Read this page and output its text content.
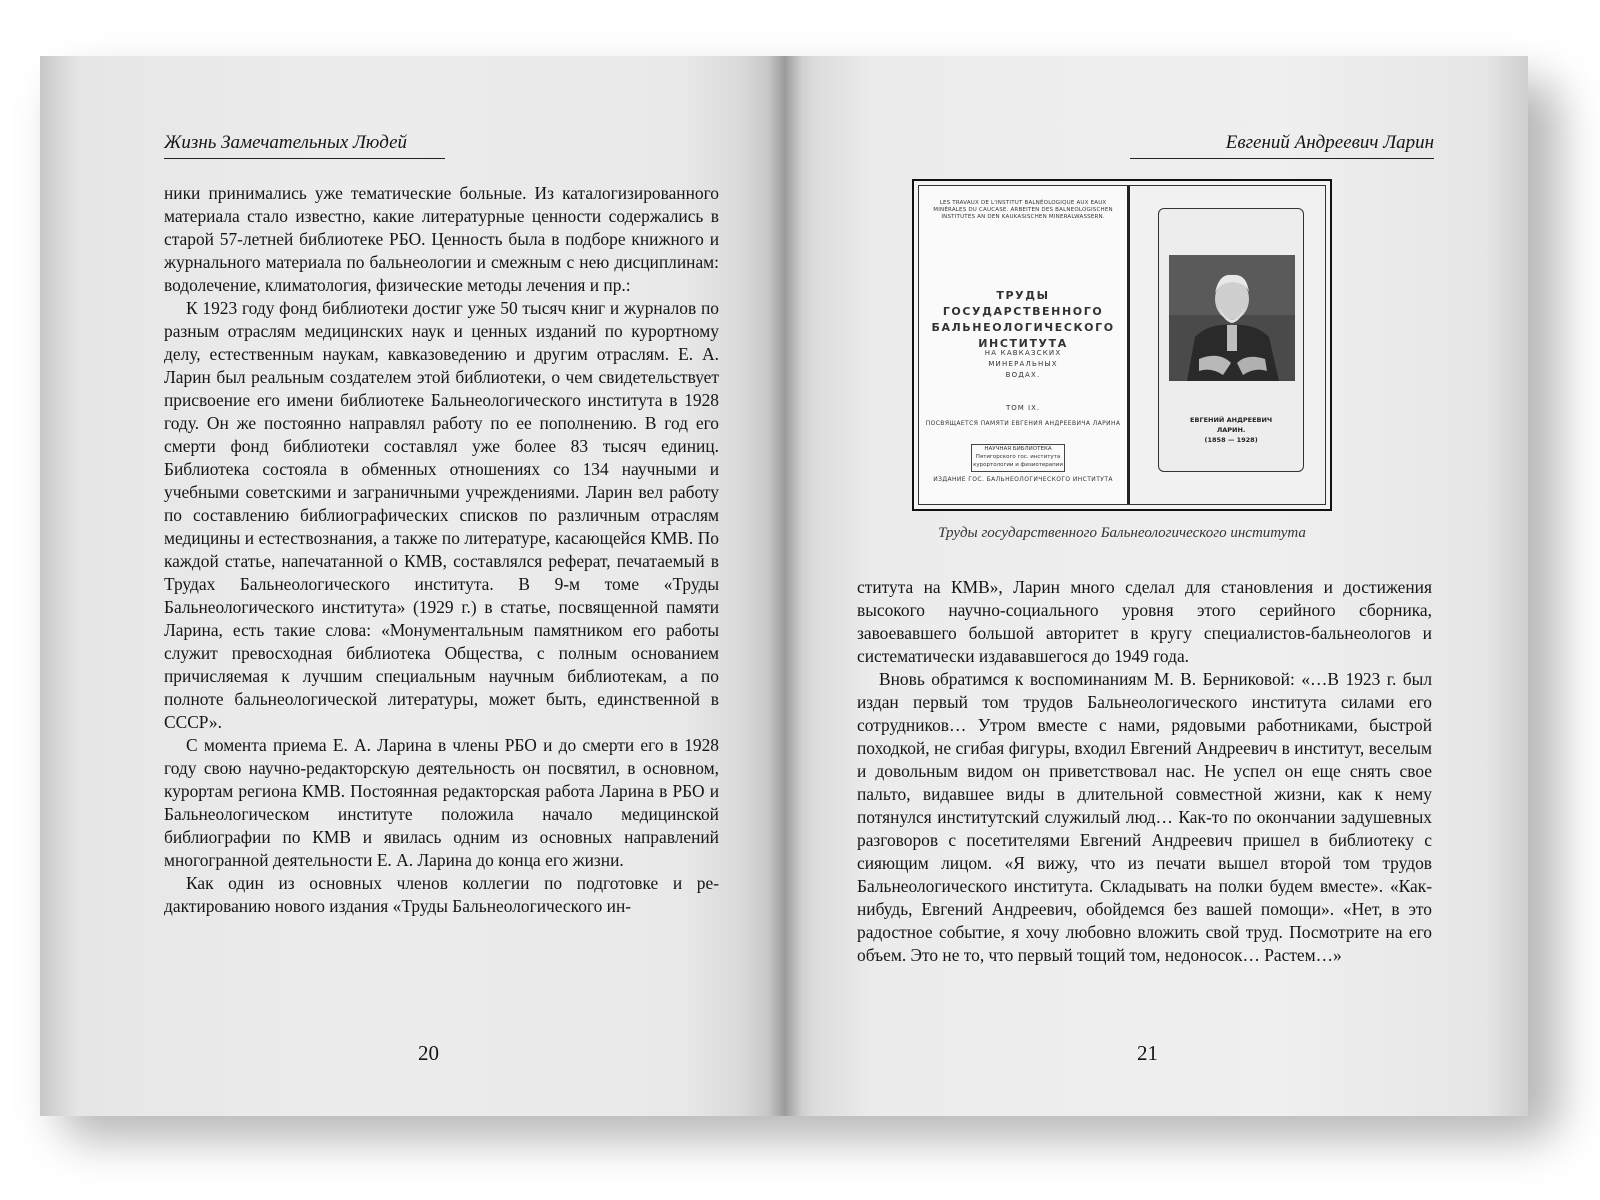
Жизнь Замечательных Людей

ники принимались уже тематические больные. Из каталогизированного материала стало известно, какие литературные ценности содержались в старой 57-летней библиотеке РБО. Ценность была в подборе книжного и журнального материала по бальнеологии и смежным с нею дисциплинам: водолечение, климатология, физические методы лечения и пр.:

К 1923 году фонд библиотеки достиг уже 50 тысяч книг и журналов по разным отраслям медицинских наук и ценных изданий по курортному делу, естественным наукам, кавказоведению и другим отраслям. Е. А. Ларин был реальным создателем этой библиотеки, о чем свидетельствует присвоение его имени библиотеке Бальнеологического института в 1928 году. Он же постоянно направлял работу по ее пополнению. В год его смерти фонд библиотеки составлял уже более 83 тысяч единиц. Библиотека состояла в обменных отношениях со 134 научными и учебными советскими и заграничными учреждениями. Ларин вел работу по составлению библиографических списков по различным отраслям медицины и естествознания, а также по литературе, касающейся КМВ. По каждой статье, напечатанной о КМВ, составлялся реферат, печатаемый в Трудах Бальнеологического института. В 9-м томе «Труды Бальнеологического института» (1929 г.) в статье, посвященной памяти Ларина, есть такие слова: «Монументальным памятником его работы служит превосходная библиотека Общества, с полным основанием причисляемая к лучшим специальным научным библиотекам, а по полноте бальнеологической литературы, может быть, единственной в СССР».

С момента приема Е. А. Ларина в члены РБО и до смерти его в 1928 году свою научно-редакторскую деятельность он посвятил, в основном, курортам региона КМВ. Постоянная редакторская работа Ларина в РБО и Бальнеологическом институте положила начало медицинской библиографии по КМВ и явилась одним из основных направлений многогранной деятельности Е. А. Ларина до конца его жизни.

Как один из основных членов коллегии по подготовке и редактированию нового издания «Труды Бальнеологического ин-

20
Евгений Андреевич Ларин
LES TRAVAUX DE L'INSTITUT BALNÉOLOGIQUE AUX EAUX MINÉRALES DU CAUCASE. ARBEITEN DES BALNEOLOGISCHEN INSTITUTES AN DEN KAUKASISCHEN MINERALWASSERN.
ТРУДЫ
ГОСУДАРСТВЕННОГО
БАЛЬНЕОЛОГИЧЕСКОГО
ИНСТИТУТА
НА КАВКАЗСКИХ
МИНЕРАЛЬНЫХ
ВОДАХ.
ТОМ IX.
ПОСВЯЩАЕТСЯ ПАМЯТИ ЕВГЕНИЯ АНДРЕЕВИЧА ЛАРИНА
НАУЧНАЯ БИБЛИОТЕКА
Пятигорского гос. института
курортологии и физиотерапии
ИЗДАНИЕ ГОС. БАЛЬНЕОЛОГИЧЕСКОГО ИНСТИТУТА
ЕВГЕНИЙ АНДРЕЕВИЧ
ЛАРИН.
(1858 — 1928)
Труды государственного Бальнеологического института

ститута на КМВ», Ларин много сделал для становления и достижения высокого научно-социального уровня этого серийного сборника, завоевавшего большой авторитет в кругу специалистов-бальнеологов и систематически издававшегося до 1949 года.

Вновь обратимся к воспоминаниям М. В. Берниковой: «…В 1923 г. был издан первый том трудов Бальнеологического института силами его сотрудников… Утром вместе с нами, рядовыми работниками, быстрой походкой, не сгибая фигуры, входил Евгений Андреевич в институт, веселым и довольным видом он приветствовал нас. Не успел он еще снять свое пальто, видавшее виды в длительной совместной жизни, как к нему потянулся институтский служилый люд… Как-то по окончании задушевных разговоров с посетителями Евгений Андреевич пришел в библиотеку с сияющим лицом. «Я вижу, что из печати вышел второй том трудов Бальнеологического института. Складывать на полки будем вместе». «Как-нибудь, Евгений Андреевич, обойдемся без вашей помощи». «Нет, в это радостное событие, я хочу любовно вложить свой труд. Посмотрите на его объем. Это не то, что первый тощий том, недоносок… Растем…»

21
